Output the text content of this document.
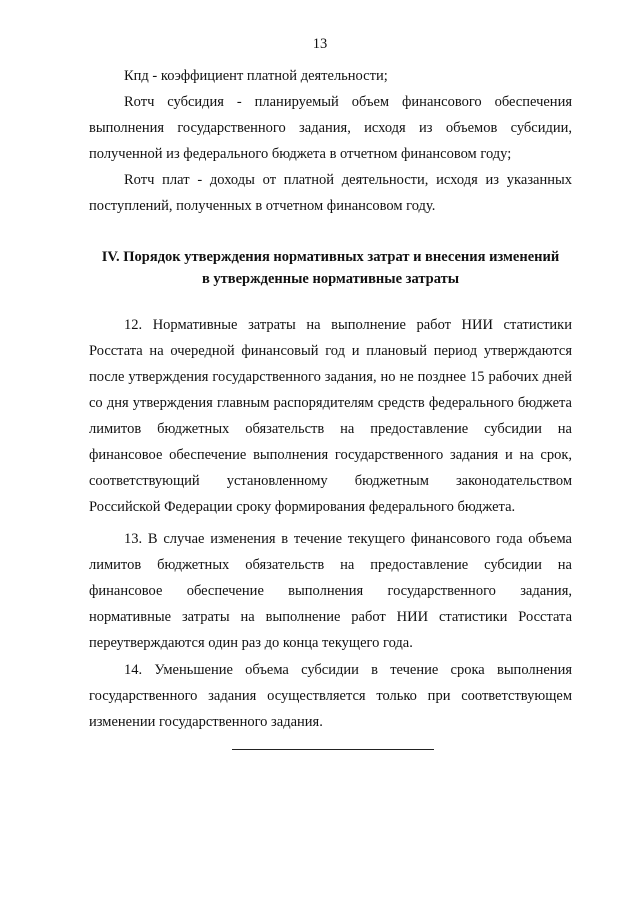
13

Кпд - коэффициент платной деятельности;

Rотч субсидия - планируемый объем финансового обеспечения выполнения государственного задания, исходя из объемов субсидии, полученной из федерального бюджета в отчетном финансовом году;

Rотч плат - доходы от платной деятельности, исходя из указанных поступлений, полученных в отчетном финансовом году.

IV. Порядок утверждения нормативных затрат и внесения изменений
в утвержденные нормативные затраты

12. Нормативные затраты на выполнение работ НИИ статистики Росстата на очередной финансовый год и плановый период утверждаются после утверждения государственного задания, но не позднее 15 рабочих дней со дня утверждения главным распорядителям средств федерального бюджета лимитов бюджетных обязательств на предоставление субсидии на финансовое обеспечение выполнения государственного задания и на срок, соответствующий установленному бюджетным законодательством Российской Федерации сроку формирования федерального бюджета.

13. В случае изменения в течение текущего финансового года объема лимитов бюджетных обязательств на предоставление субсидии на финансовое обеспечение выполнения государственного задания, нормативные затраты на выполнение работ НИИ статистики Росстата переутверждаются один раз до конца текущего года.

14. Уменьшение объема субсидии в течение срока выполнения государственного задания осуществляется только при соответствующем изменении государственного задания.
